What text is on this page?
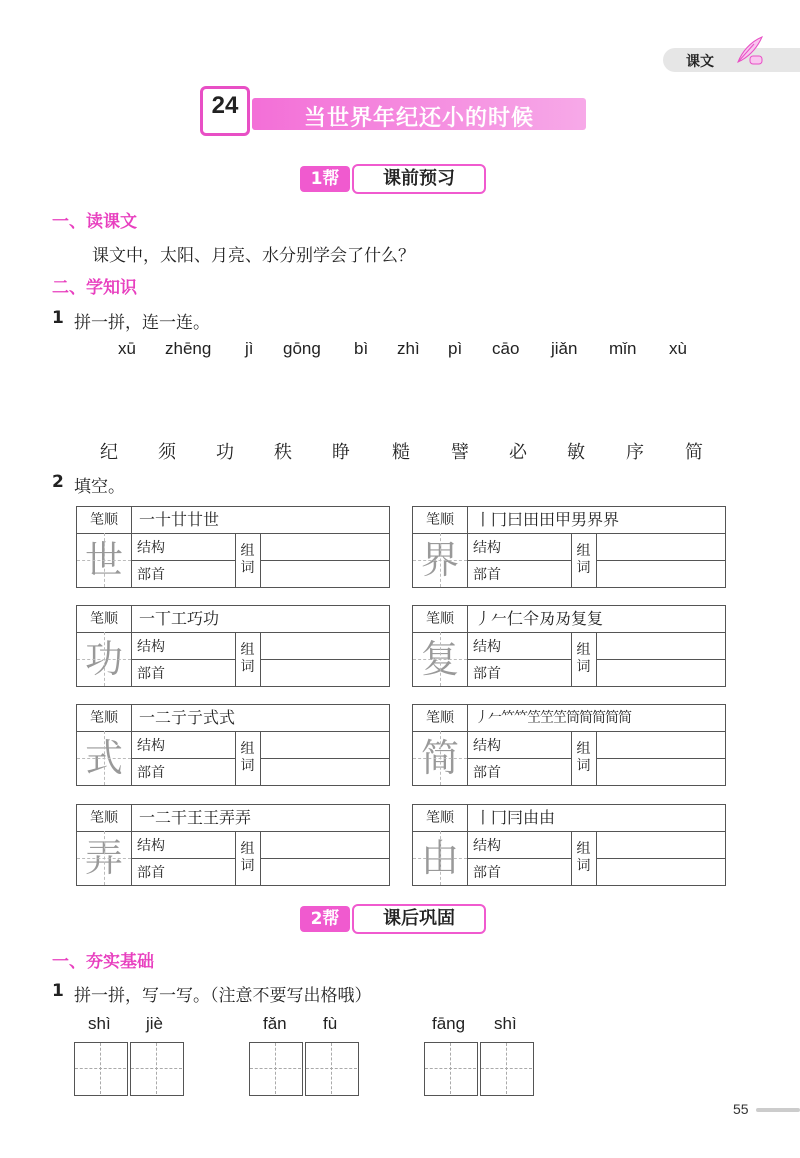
课文
24	当世界年纪还小的时候
1帮	课前预习
一、读课文
课文中，太阳、月亮、水分别学会了什么？
二、学知识
1 拼一拼，连一连。
xū zhēng jì gōng bì zhì pì cāo jiǎn mǐn xù
纪 须 功 秩 睁 糙 譬 必 敏 序 简
2 填空。
笔顺	一十廿廿世
世	结构
部首
组词
笔顺	丨冂曰田田甲男界界
界	结构
部首
组词
笔顺	一丅工巧功
功	结构
部首
组词
笔顺	丿𠂉仁仐夃夃复复
复	结构
部首
组词
笔顺	一二亍亍式式
式	结构
部首
组词
笔顺	丿𠂉𥫗𥫗笁笁笁筒简简简简
简	结构
部首
组词
笔顺	一二干王王弄弄
弄	结构
部首
组词
笔顺	丨冂冃由由
由	结构
部首
组词
2帮	课后巩固
一、夯实基础
1 拼一拼，写一写。（注意不要写出格哦）
shì jiè	fǎn fù	fāng shì
55
